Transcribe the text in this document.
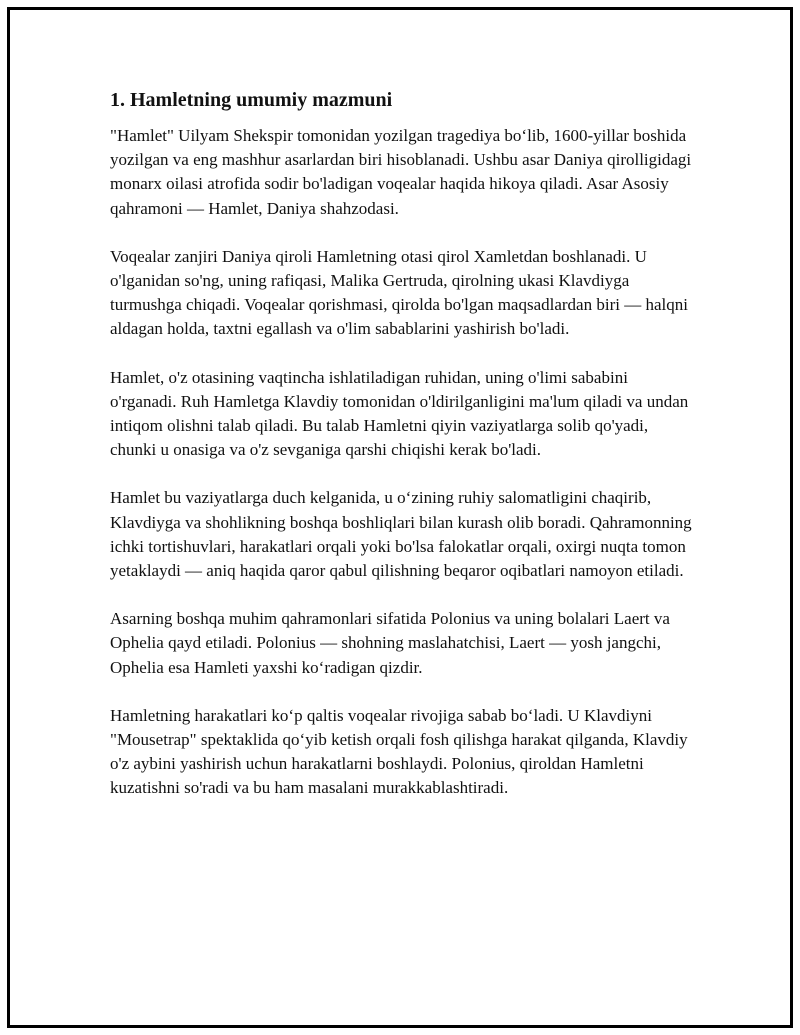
1. Hamletning umumiy mazmuni

"Hamlet" Uilyam Shekspir tomonidan yozilgan tragediya boʻlib, 1600-yillar boshida yozilgan va eng mashhur asarlardan biri hisoblanadi. Ushbu asar Daniya qirolligidagi monarx oilasi atrofida sodir bo'ladigan voqealar haqida hikoya qiladi. Asar Asosiy qahramoni — Hamlet, Daniya shahzodasi.

Voqealar zanjiri Daniya qiroli Hamletning otasi qirol Xamletdan boshlanadi. U o'lganidan so'ng, uning rafiqasi, Malika Gertruda, qirolning ukasi Klavdiyga turmushga chiqadi. Voqealar qorishmasi, qirolda bo'lgan maqsadlardan biri — halqni aldagan holda, taxtni egallash va o'lim sabablarini yashirish bo'ladi.

Hamlet, o'z otasining vaqtincha ishlatiladigan ruhidan, uning o'limi sababini o'rganadi. Ruh Hamletga Klavdiy tomonidan o'ldirilganligini ma'lum qiladi va undan intiqom olishni talab qiladi. Bu talab Hamletni qiyin vaziyatlarga solib qo'yadi, chunki u onasiga va o'z sevganiga qarshi chiqishi kerak bo'ladi.

Hamlet bu vaziyatlarga duch kelganida, u oʻzining ruhiy salomatligini chaqirib, Klavdiyga va shohlikning boshqa boshliqlari bilan kurash olib boradi. Qahramonning ichki tortishuvlari, harakatlari orqali yoki bo'lsa falokatlar orqali, oxirgi nuqta tomon yetaklaydi — aniq haqida qaror qabul qilishning beqaror oqibatlari namoyon etiladi.

Asarning boshqa muhim qahramonlari sifatida Polonius va uning bolalari Laert va Ophelia qayd etiladi. Polonius — shohning maslahatchisi, Laert — yosh jangchi, Ophelia esa Hamleti yaxshi koʻradigan qizdir.

Hamletning harakatlari koʻp qaltis voqealar rivojiga sabab boʻladi. U Klavdiyni "Mousetrap" spektaklida qoʻyib ketish orqali fosh qilishga harakat qilganda, Klavdiy o'z aybini yashirish uchun harakatlarni boshlaydi. Polonius, qiroldan Hamletni kuzatishni so'radi va bu ham masalani murakkablashtiradi.
